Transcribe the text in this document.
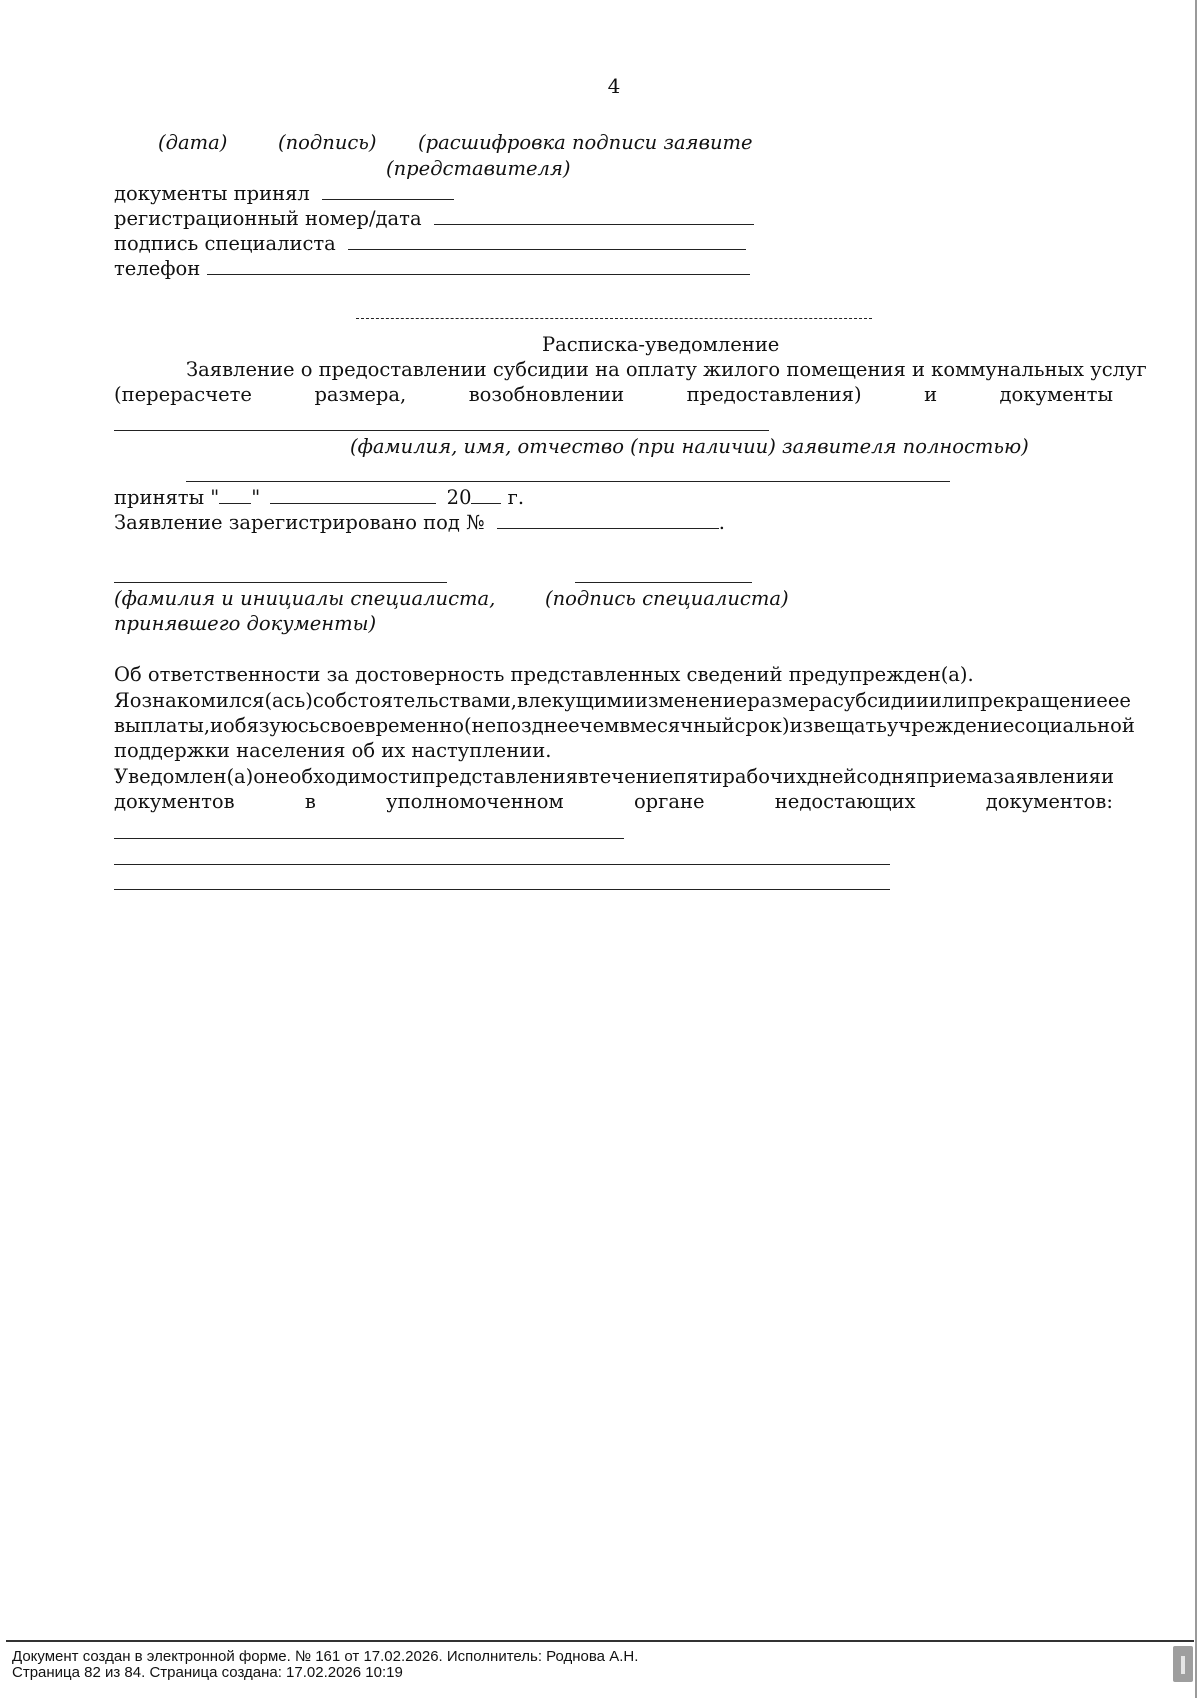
4
(дата)	(подпись) (расшифровка подписи заявите
(представителя)
документы принял
регистрационный номер/дата
подпись специалиста
телефон
Расписка-уведомление
Заявление о предоставлении субсидии на оплату жилого помещения и коммунальных услуг
(перерасчете	размера,	возобновлении	предоставления)	и	документы
(фамилия, имя, отчество (при наличии) заявителя полностью)
приняты " "	20 г.
Заявление зарегистрировано под №	.
(фамилия и инициалы специалиста,
принявшего документы)
(подпись специалиста)
Об ответственности за достоверность представленных сведений предупрежден(а).
Я ознакомился(ась) с обстоятельствами, влекущими изменение размера субсидии или прекращение ее
выплаты, и обязуюсь своевременно (не позднее чем в месячный срок) извещать учреждение социальной
поддержки населения об их наступлении.
Уведомлен(а) о необходимости представления в течение пяти рабочих дней со дня приема заявления и
документов	в	уполномоченном	органе	недостающих	документов:
Документ создан в электронной форме. № 161 от 17.02.2026. Исполнитель: Роднова А.Н.
Страница 82 из 84. Страница создана: 17.02.2026 10:19
